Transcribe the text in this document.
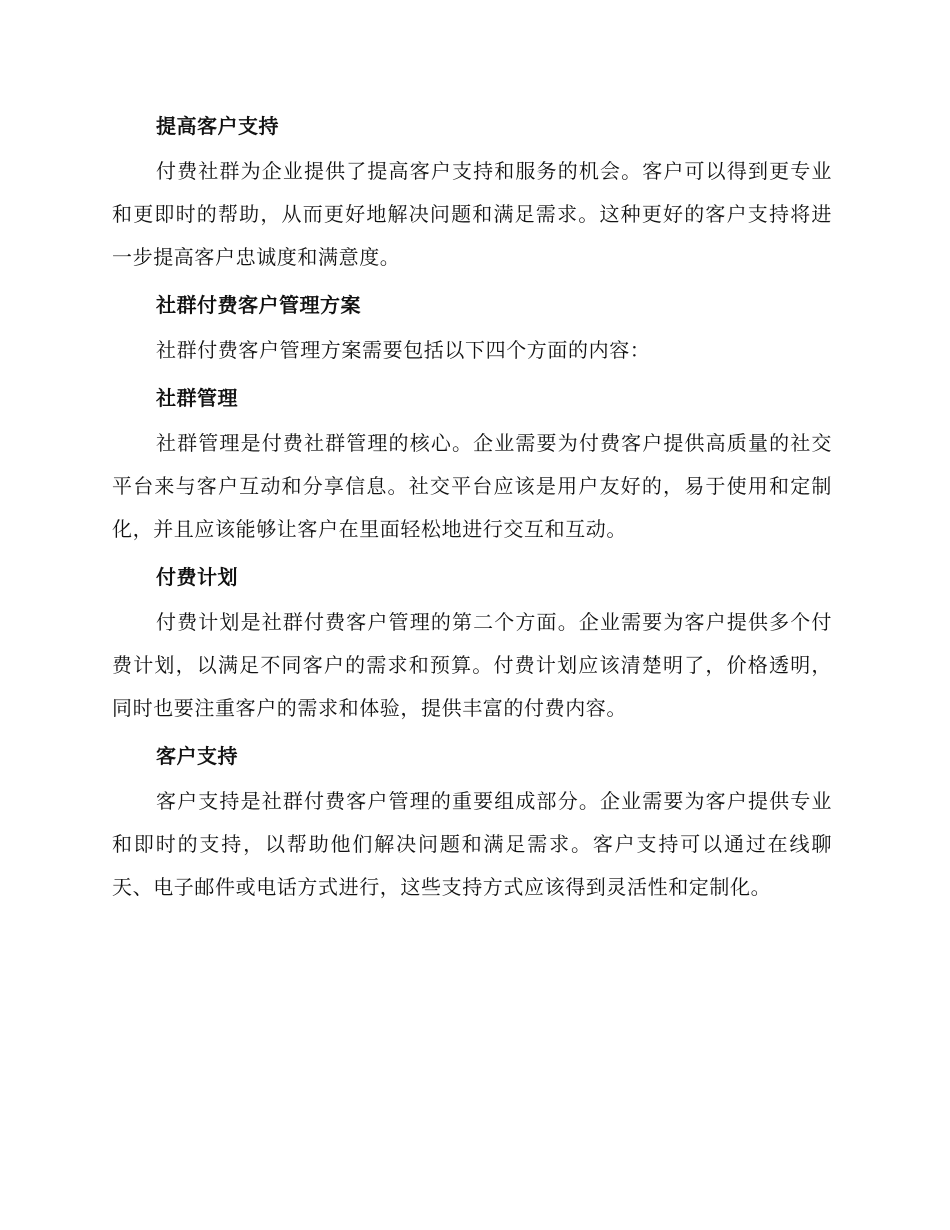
提高客户支持

付费社群为企业提供了提高客户支持和服务的机会。客户可以得到更专业和更即时的帮助，从而更好地解决问题和满足需求。这种更好的客户支持将进一步提高客户忠诚度和满意度。

社群付费客户管理方案

社群付费客户管理方案需要包括以下四个方面的内容：

社群管理

社群管理是付费社群管理的核心。企业需要为付费客户提供高质量的社交平台来与客户互动和分享信息。社交平台应该是用户友好的，易于使用和定制化，并且应该能够让客户在里面轻松地进行交互和互动。

付费计划

付费计划是社群付费客户管理的第二个方面。企业需要为客户提供多个付费计划，以满足不同客户的需求和预算。付费计划应该清楚明了，价格透明，同时也要注重客户的需求和体验，提供丰富的付费内容。

客户支持

客户支持是社群付费客户管理的重要组成部分。企业需要为客户提供专业和即时的支持，以帮助他们解决问题和满足需求。客户支持可以通过在线聊天、电子邮件或电话方式进行，这些支持方式应该得到灵活性和定制化。
